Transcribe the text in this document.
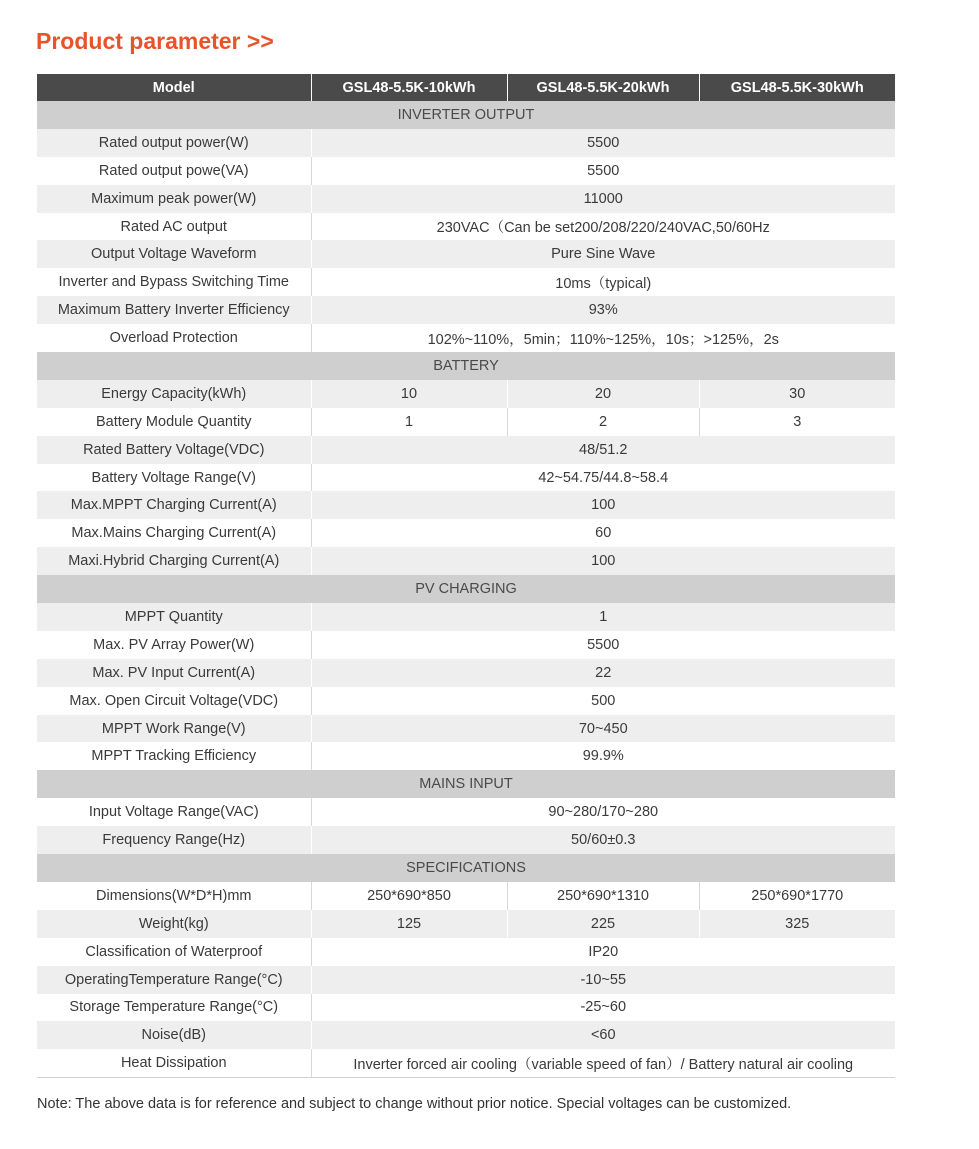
Product parameter >>
Model	GSL48-5.5K-10kWh	GSL48-5.5K-20kWh	GSL48-5.5K-30kWh
INVERTER OUTPUT			
Rated output power(W)	5500		
Rated output powe(VA)	5500		
Maximum peak power(W)	11000		
Rated AC output	230VAC（Can be set200/208/220/240VAC,50/60Hz		
Output Voltage Waveform	Pure Sine Wave		
Inverter and Bypass Switching Time	10ms（typical)		
Maximum Battery Inverter Efficiency	93%		
Overload Protection	102%~110%，5min；110%~125%，10s；>125%，2s		
BATTERY			
Energy Capacity(kWh)	10	20	30
Battery Module Quantity	1	2	3
Rated Battery Voltage(VDC)	48/51.2		
Battery Voltage Range(V)	42~54.75/44.8~58.4		
Max.MPPT Charging Current(A)	100		
Max.Mains Charging Current(A)	60		
Maxi.Hybrid Charging Current(A)	100		
PV CHARGING			
MPPT Quantity	1		
Max. PV Array Power(W)	5500		
Max. PV Input Current(A)	22		
Max. Open Circuit Voltage(VDC)	500		
MPPT Work Range(V)	70~450		
MPPT Tracking Efficiency	99.9%		
MAINS INPUT			
Input Voltage Range(VAC)	90~280/170~280		
Frequency Range(Hz)	50/60±0.3		
SPECIFICATIONS			
Dimensions(W*D*H)mm	250*690*850	250*690*1310	250*690*1770
Weight(kg)	125	225	325
Classification of Waterproof	IP20		
OperatingTemperature Range(°C)	-10~55		
Storage Temperature Range(°C)	-25~60		
Noise(dB)	<60		
Heat Dissipation	Inverter forced air cooling（variable speed of fan）/ Battery natural air cooling		
Note: The above data is for reference and subject to change without prior notice. Special voltages can be customized.
